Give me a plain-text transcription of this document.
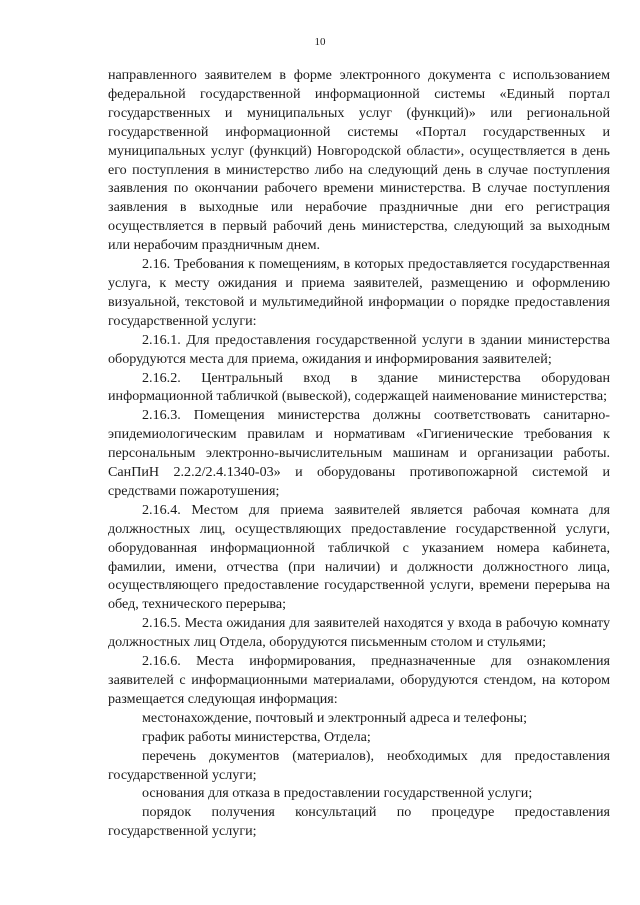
10

направленного заявителем в форме электронного документа с использованием федеральной государственной информационной системы «Единый портал государственных и муниципальных услуг (функций)» или региональной государственной информационной системы «Портал государственных и муниципальных услуг (функций) Новгородской области», осуществляется в день его поступления в министерство либо на следующий день в случае поступления заявления по окончании рабочего времени министерства. В случае поступления заявления в выходные или нерабочие праздничные дни его регистрация осуществляется в первый рабочий день министерства, следующий за выходным или нерабочим праздничным днем.

2.16. Требования к помещениям, в которых предоставляется государственная услуга, к месту ожидания и приема заявителей, размещению и оформлению визуальной, текстовой и мультимедийной информации о порядке предоставления государственной услуги:

2.16.1. Для предоставления государственной услуги в здании министерства оборудуются места для приема, ожидания и информирования заявителей;

2.16.2. Центральный вход в здание министерства оборудован информационной табличкой (вывеской), содержащей наименование министерства;

2.16.3. Помещения министерства должны соответствовать санитарно-эпидемиологическим правилам и нормативам «Гигиенические требования к персональным электронно-вычислительным машинам и организации работы. СанПиН 2.2.2/2.4.1340-03» и оборудованы противопожарной системой и средствами пожаротушения;

2.16.4. Местом для приема заявителей является рабочая комната для должностных лиц, осуществляющих предоставление государственной услуги, оборудованная информационной табличкой с указанием номера кабинета, фамилии, имени, отчества (при наличии) и должности должностного лица, осуществляющего предоставление государственной услуги, времени перерыва на обед, технического перерыва;

2.16.5. Места ожидания для заявителей находятся у входа в рабочую комнату должностных лиц Отдела, оборудуются письменным столом и стульями;

2.16.6. Места информирования, предназначенные для ознакомления заявителей с информационными материалами, оборудуются стендом, на котором размещается следующая информация:

местонахождение, почтовый и электронный адреса и телефоны;

график работы министерства, Отдела;

перечень документов (материалов), необходимых для предоставления государственной услуги;

основания для отказа в предоставлении государственной услуги;

порядок получения консультаций по процедуре предоставления государственной услуги;
